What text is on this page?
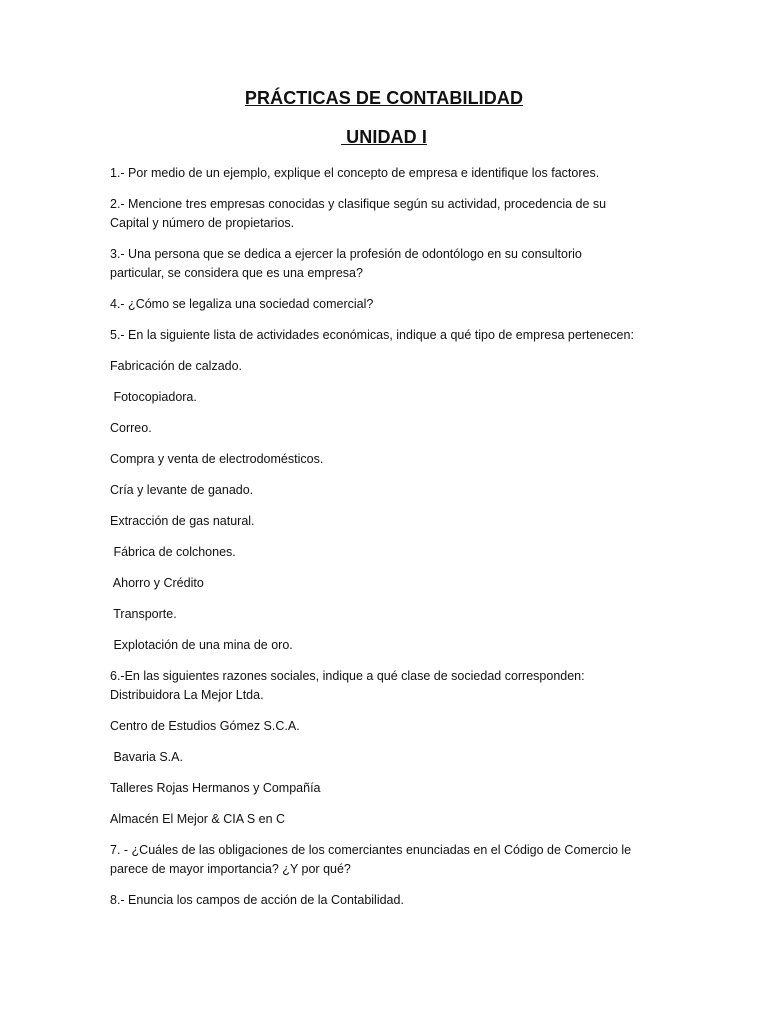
PRÁCTICAS DE CONTABILIDAD
UNIDAD I
1.- Por medio de un ejemplo, explique el concepto de empresa e identifique los factores.
2.- Mencione tres empresas conocidas y clasifique según su actividad, procedencia de su
Capital y número de propietarios.
3.- Una persona que se dedica a ejercer la profesión de odontólogo en su consultorio
particular, se considera que es una empresa?
4.- ¿Cómo se legaliza una sociedad comercial?
5.- En la siguiente lista de actividades económicas, indique a qué tipo de empresa pertenecen:
Fabricación de calzado.
Fotocopiadora.
Correo.
Compra y venta de electrodomésticos.
Cría y levante de ganado.
Extracción de gas natural.
Fábrica de colchones.
Ahorro y Crédito
Transporte.
Explotación de una mina de oro.
6.-En las siguientes razones sociales, indique a qué clase de sociedad corresponden:
Distribuidora La Mejor Ltda.
Centro de Estudios Gómez S.C.A.
Bavaria S.A.
Talleres Rojas Hermanos y Compañía
Almacén El Mejor & CIA S en C
7. - ¿Cuáles de las obligaciones de los comerciantes enunciadas en el Código de Comercio le
parece de mayor importancia? ¿Y por qué?
8.- Enuncia los campos de acción de la Contabilidad.
